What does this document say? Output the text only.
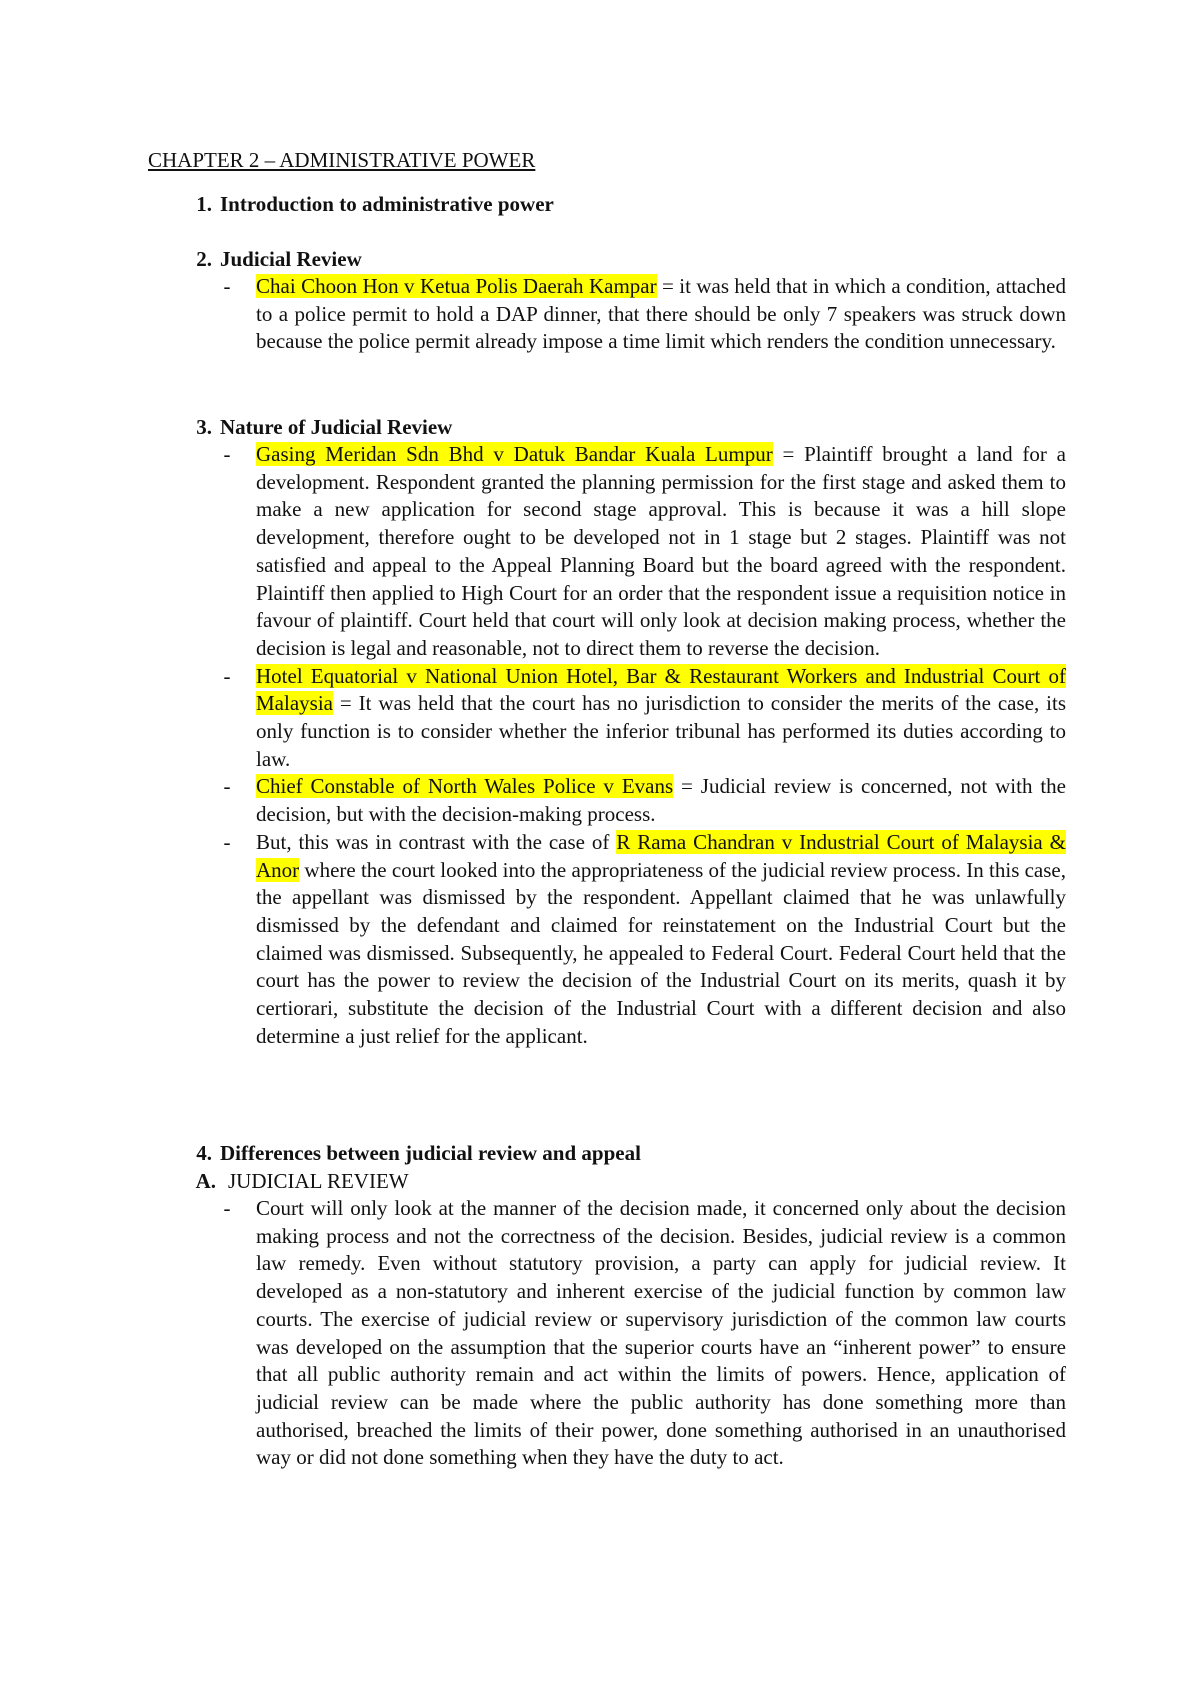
CHAPTER 2 – ADMINISTRATIVE POWER
1. Introduction to administrative power
2. Judicial Review
-	Chai Choon Hon v Ketua Polis Daerah Kampar = it was held that in which a condition, attached to a police permit to hold a DAP dinner, that there should be only 7 speakers was struck down because the police permit already impose a time limit which renders the condition unnecessary.
3. Nature of Judicial Review
-	Gasing Meridan Sdn Bhd v Datuk Bandar Kuala Lumpur = Plaintiff brought a land for a development. Respondent granted the planning permission for the first stage and asked them to make a new application for second stage approval. This is because it was a hill slope development, therefore ought to be developed not in 1 stage but 2 stages. Plaintiff was not satisfied and appeal to the Appeal Planning Board but the board agreed with the respondent. Plaintiff then applied to High Court for an order that the respondent issue a requisition notice in favour of plaintiff. Court held that court will only look at decision making process, whether the decision is legal and reasonable, not to direct them to reverse the decision.
-	Hotel Equatorial v National Union Hotel, Bar & Restaurant Workers and Industrial Court of Malaysia = It was held that the court has no jurisdiction to consider the merits of the case, its only function is to consider whether the inferior tribunal has performed its duties according to law.
-	Chief Constable of North Wales Police v Evans = Judicial review is concerned, not with the decision, but with the decision-making process.
-	But, this was in contrast with the case of R Rama Chandran v Industrial Court of Malaysia & Anor where the court looked into the appropriateness of the judicial review process. In this case, the appellant was dismissed by the respondent. Appellant claimed that he was unlawfully dismissed by the defendant and claimed for reinstatement on the Industrial Court but the claimed was dismissed. Subsequently, he appealed to Federal Court. Federal Court held that the court has the power to review the decision of the Industrial Court on its merits, quash it by certiorari, substitute the decision of the Industrial Court with a different decision and also determine a just relief for the applicant.
4. Differences between judicial review and appeal
A. JUDICIAL REVIEW
-	Court will only look at the manner of the decision made, it concerned only about the decision making process and not the correctness of the decision. Besides, judicial review is a common law remedy. Even without statutory provision, a party can apply for judicial review. It developed as a non-statutory and inherent exercise of the judicial function by common law courts. The exercise of judicial review or supervisory jurisdiction of the common law courts was developed on the assumption that the superior courts have an “inherent power” to ensure that all public authority remain and act within the limits of powers. Hence, application of judicial review can be made where the public authority has done something more than authorised, breached the limits of their power, done something authorised in an unauthorised way or did not done something when they have the duty to act.
